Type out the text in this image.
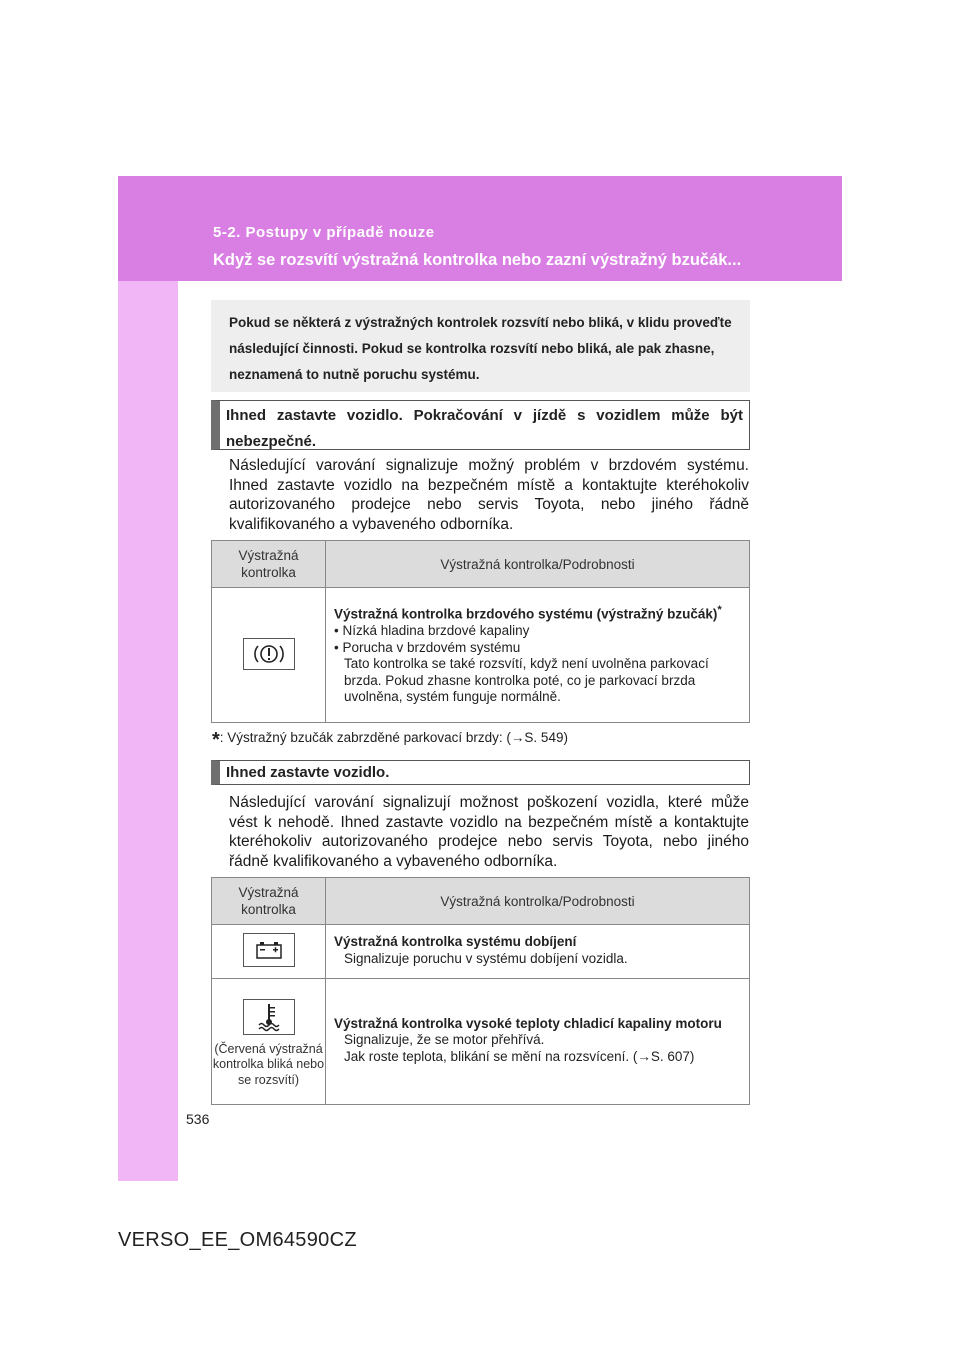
5-2. Postupy v případě nouze
Když se rozsvítí výstražná kontrolka nebo zazní výstražný bzučák...
536
Pokud se některá z výstražných kontrolek rozsvítí nebo bliká, v klidu proveďte následující činnosti. Pokud se kontrolka rozsvítí nebo bliká, ale pak zhasne, neznamená to nutně poruchu systému.
Ihned zastavte vozidlo. Pokračování v jízdě s vozidlem může být nebezpečné.
Následující varování signalizuje možný problém v brzdovém systému. Ihned zastavte vozidlo na bezpečném místě a kontaktujte kteréhokoliv autorizovaného prodejce nebo servis Toyota, nebo jiného řádně kvalifikovaného a vybaveného odborníka.
Výstražná kontrolka	Výstražná kontrolka/Podrobnosti

Výstražná kontrolka brzdového systému (výstražný bzučák)*
• Nízká hladina brzdové kapaliny
• Porucha v brzdovém systému
Tato kontrolka se také rozsvítí, když není uvolněna parkovací brzda. Pokud zhasne kontrolka poté, co je parkovací brzda uvolněna, systém funguje normálně.
*: Výstražný bzučák zabrzděné parkovací brzdy: (→S. 549)
Ihned zastavte vozidlo.
Následující varování signalizují možnost poškození vozidla, které může vést k nehodě. Ihned zastavte vozidlo na bezpečném místě a kontaktujte kteréhokoliv autorizovaného prodejce nebo servis Toyota, nebo jiného řádně kvalifikovaného a vybaveného odborníka.
Výstražná kontrolka	Výstražná kontrolka/Podrobnosti

Výstražná kontrolka systému dobíjení
Signalizuje poruchu v systému dobíjení vozidla.

(Červená výstražná kontrolka bliká nebo se rozsvítí)	Výstražná kontrolka vysoké teploty chladicí kapaliny motoru
Signalizuje, že se motor přehřívá.
Jak roste teplota, blikání se mění na rozsvícení. (→S. 607)
VERSO_EE_OM64590CZ
